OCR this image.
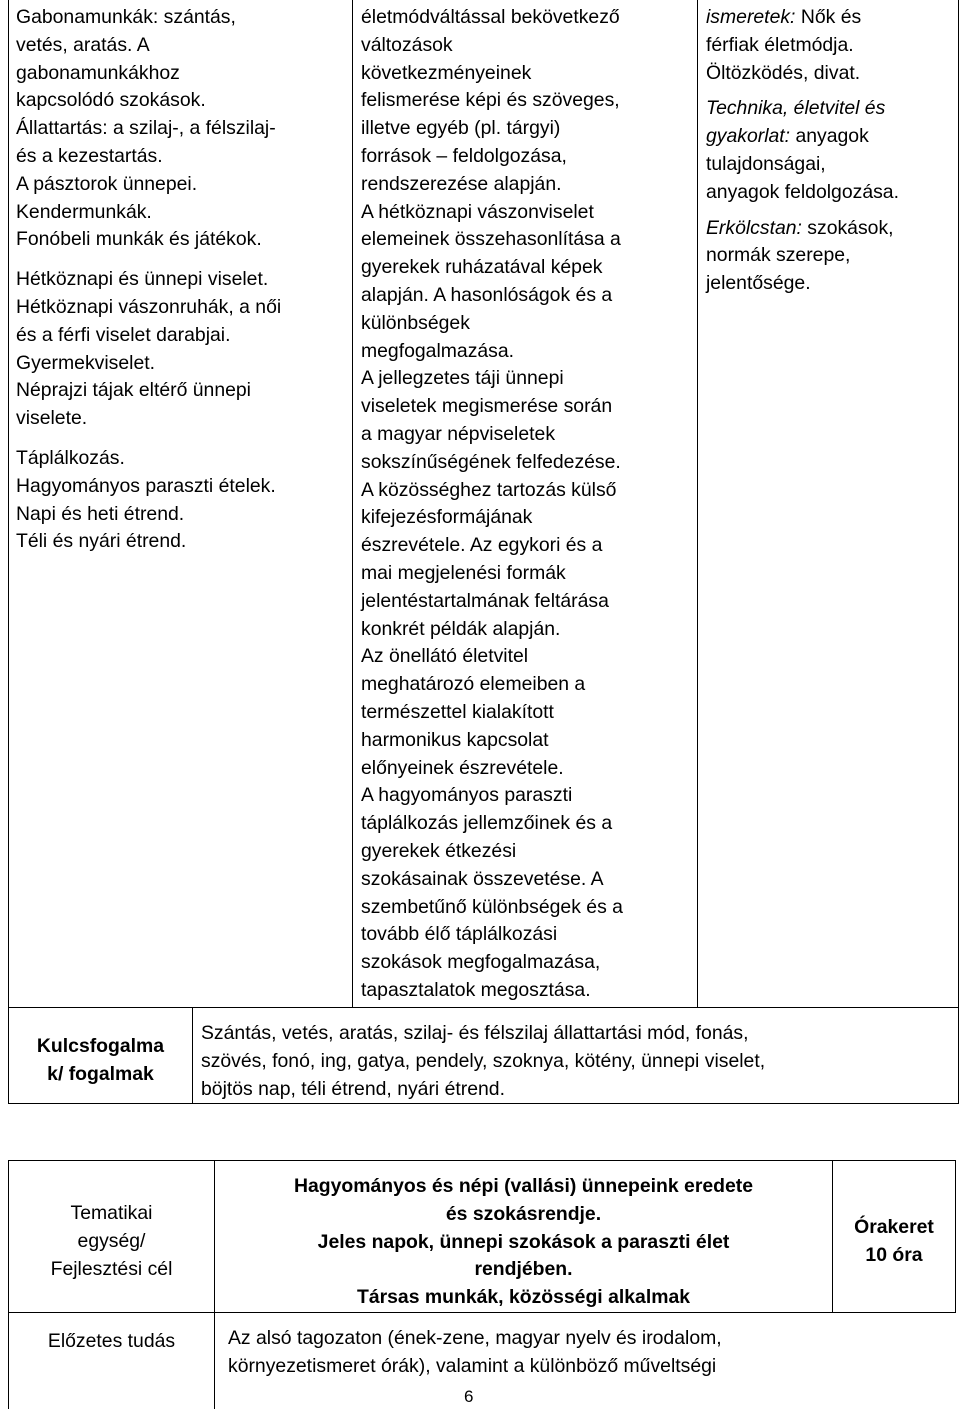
Gabonamunkák: szántás,
vetés, aratás. A
gabonamunkákhoz
kapcsolódó szokások.
Állattartás: a szilaj-, a félszilaj-
és a kezestartás.
A pásztorok ünnepei.
Kendermunkák.
Fonóbeli munkák és játékok.
Hétköznapi és ünnepi viselet.
Hétköznapi vászonruhák, a női
és a férfi viselet darabjai.
Gyermekviselet.
Néprajzi tájak eltérő ünnepi
viselete.
Táplálkozás.
Hagyományos paraszti ételek.
Napi és heti étrend.
Téli és nyári étrend.
életmódváltással bekövetkező
változások
következményeinek
felismerése képi és szöveges,
illetve egyéb (pl. tárgyi)
források – feldolgozása,
rendszerezése alapján.
A hétköznapi vászonviselet
elemeinek összehasonlítása a
gyerekek ruházatával képek
alapján. A hasonlóságok és a
különbségek
megfogalmazása.
A jellegzetes táji ünnepi
viseletek megismerése során
a magyar népviseletek
sokszínűségének felfedezése.
A közösséghez tartozás külső
kifejezésformájának
észrevétele. Az egykori és a
mai megjelenési formák
jelentéstartalmának feltárása
konkrét példák alapján.
Az önellátó életvitel
meghatározó elemeiben a
természettel kialakított
harmonikus kapcsolat
előnyeinek észrevétele.
A hagyományos paraszti
táplálkozás jellemzőinek és a
gyerekek étkezési
szokásainak összevetése. A
szembetűnő különbségek és a
tovább élő táplálkozási
szokások megfogalmazása,
tapasztalatok megosztása.
ismeretek: Nők és
férfiak életmódja.
Öltözködés, divat.
Technika, életvitel és
gyakorlat: anyagok
tulajdonságai,
anyagok feldolgozása.
Erkölcstan: szokások,
normák szerepe,
jelentősége.
Kulcsfogalma
k/ fogalmak
Szántás, vetés, aratás, szilaj- és félszilaj állattartási mód, fonás,
szövés, fonó, ing, gatya, pendely, szoknya, kötény, ünnepi viselet,
böjtös nap, téli étrend, nyári étrend.
Tematikai
egység/
Fejlesztési cél
Hagyományos és népi (vallási) ünnepeink eredete
és szokásrendje.
Jeles napok, ünnepi szokások a paraszti élet
rendjében.
Társas munkák, közösségi alkalmak
Órakeret
10 óra
Előzetes tudás	Az alsó tagozaton (ének-zene, magyar nyelv és irodalom,
környezetismeret órák), valamint a különböző műveltségi
6
